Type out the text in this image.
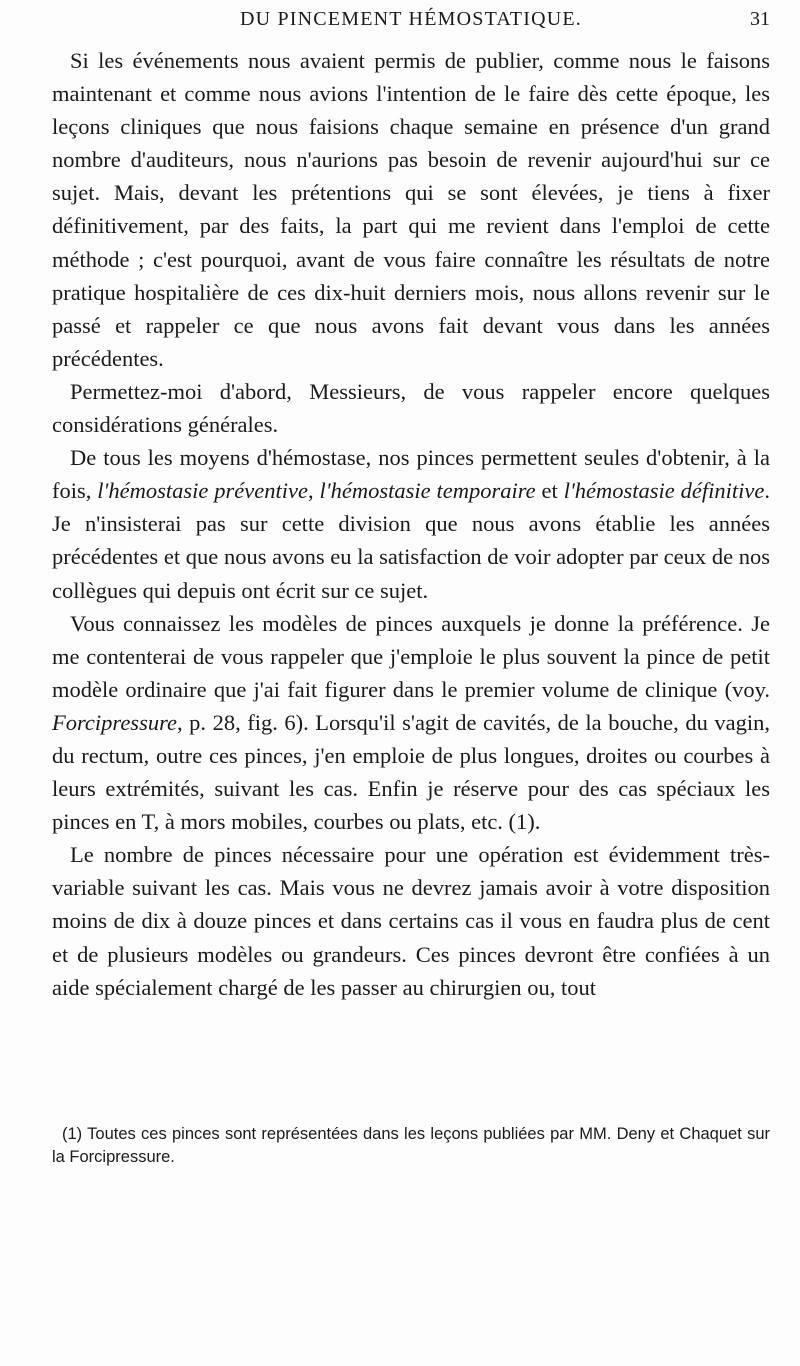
DU PINCEMENT HÉMOSTATIQUE.	31

Si les événements nous avaient permis de publier, comme nous le faisons maintenant et comme nous avions l'intention de le faire dès cette époque, les leçons cliniques que nous faisions chaque semaine en présence d'un grand nombre d'auditeurs, nous n'aurions pas besoin de revenir aujourd'hui sur ce sujet. Mais, devant les prétentions qui se sont élevées, je tiens à fixer définitivement, par des faits, la part qui me revient dans l'emploi de cette méthode ; c'est pourquoi, avant de vous faire connaître les résultats de notre pratique hospitalière de ces dix-huit derniers mois, nous allons revenir sur le passé et rappeler ce que nous avons fait devant vous dans les années précédentes.

Permettez-moi d'abord, Messieurs, de vous rappeler encore quelques considérations générales.

De tous les moyens d'hémostase, nos pinces permettent seules d'obtenir, à la fois, l'hémostasie préventive, l'hémostasie temporaire et l'hémostasie définitive. Je n'insisterai pas sur cette division que nous avons établie les années précédentes et que nous avons eu la satisfaction de voir adopter par ceux de nos collègues qui depuis ont écrit sur ce sujet.

Vous connaissez les modèles de pinces auxquels je donne la préférence. Je me contenterai de vous rappeler que j'emploie le plus souvent la pince de petit modèle ordinaire que j'ai fait figurer dans le premier volume de clinique (voy. Forcipressure, p. 28, fig. 6). Lorsqu'il s'agit de cavités, de la bouche, du vagin, du rectum, outre ces pinces, j'en emploie de plus longues, droites ou courbes à leurs extrémités, suivant les cas. Enfin je réserve pour des cas spéciaux les pinces en T, à mors mobiles, courbes ou plats, etc. (1).

Le nombre de pinces nécessaire pour une opération est évidemment très-variable suivant les cas. Mais vous ne devrez jamais avoir à votre disposition moins de dix à douze pinces et dans certains cas il vous en faudra plus de cent et de plusieurs modèles ou grandeurs. Ces pinces devront être confiées à un aide spécialement chargé de les passer au chirurgien ou, tout

(1) Toutes ces pinces sont représentées dans les leçons publiées par MM. Deny et Chaquet sur la Forcipressure.
